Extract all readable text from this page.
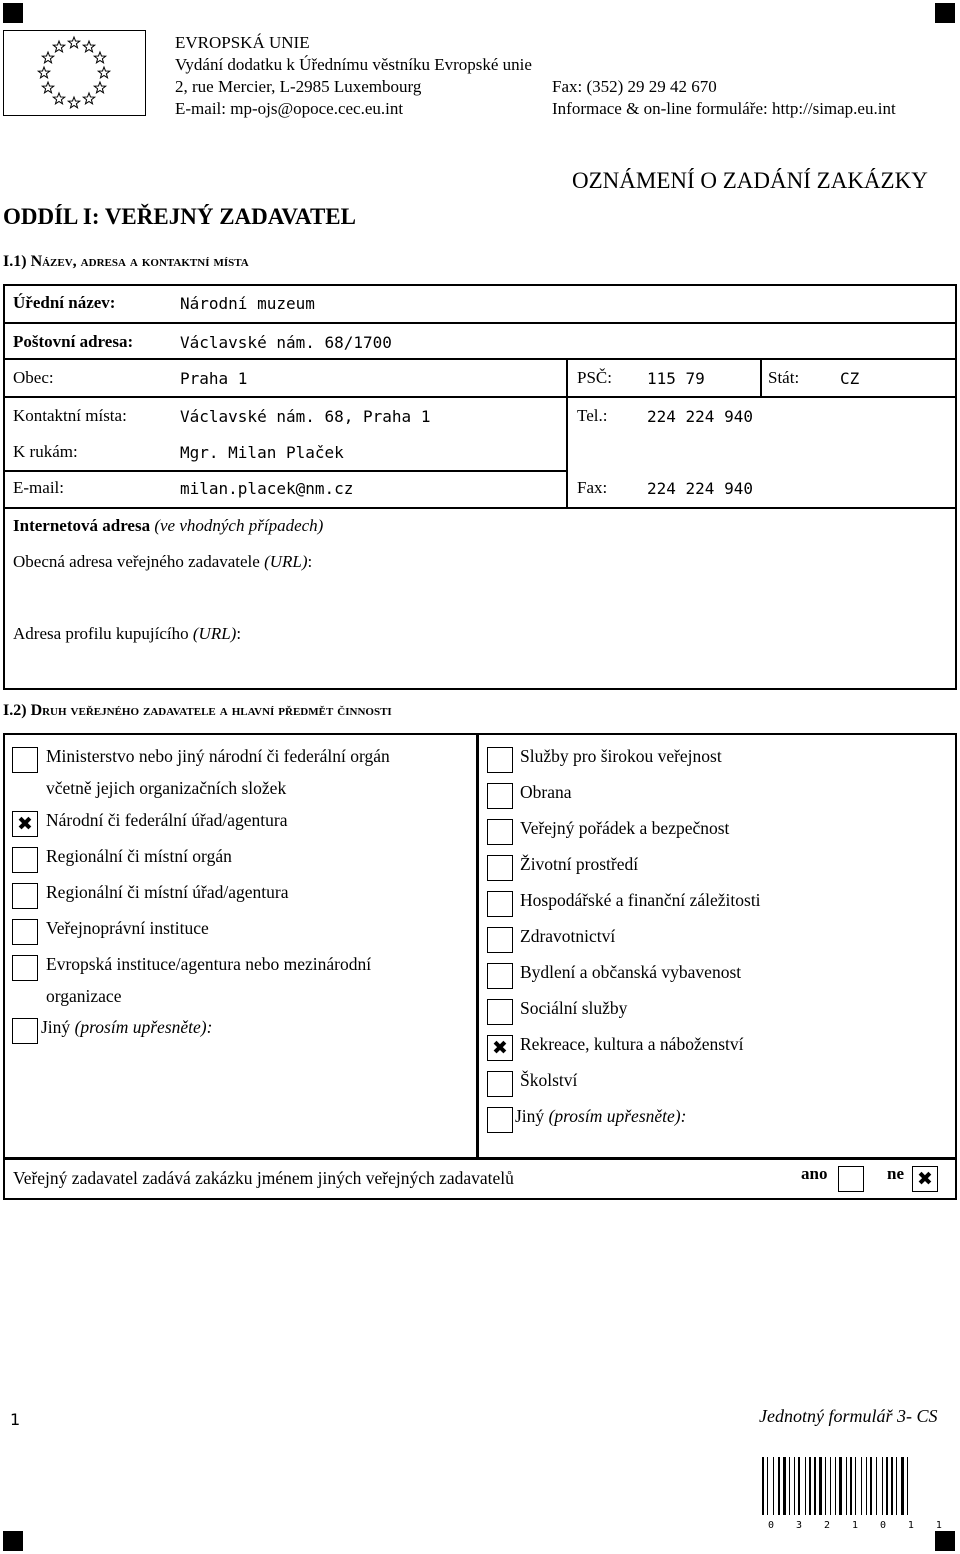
EVROPSKÁ UNIE
Vydání dodatku k Úřednímu věstníku Evropské unie
2, rue Mercier, L-2985 Luxembourg
E-mail: mp-ojs@opoce.cec.eu.int
Fax: (352) 29 29 42 670
Informace & on-line formuláře: http://simap.eu.int
OZNÁMENÍ O ZADÁNÍ ZAKÁZKY
ODDÍL I: VEŘEJNÝ ZADAVATEL
I.1) Název, adresa a kontaktní místa
Úřední název:	Národní muzeum
Poštovní adresa:	Václavské nám. 68/1700
Obec:	Praha 1	PSČ: 115 79	Stát:	CZ
Kontaktní místa:	Václavské nám. 68, Praha 1	Tel.: 224 224 940
K rukám:	Mgr. Milan Plaček
E-mail:	milan.placek@nm.cz	Fax: 224 224 940
Internetová adresa (ve vhodných případech)
Obecná adresa veřejného zadavatele (URL):
Adresa profilu kupujícího (URL):
I.2) Druh veřejného zadavatele a hlavní předmět činnosti
Ministerstvo nebo jiný národní či federální orgán
včetně jejich organizačních složek
✖ Národní či federální úřad/agentura
Regionální či místní orgán
Regionální či místní úřad/agentura
Veřejnoprávní instituce
Evropská instituce/agentura nebo mezinárodní
organizace
Jiný (prosím upřesněte):
Služby pro širokou veřejnost
Obrana
Veřejný pořádek a bezpečnost
Životní prostředí
Hospodářské a finanční záležitosti
Zdravotnictví
Bydlení a občanská vybavenost
Sociální služby
✖ Rekreace, kultura a náboženství
Školství
Jiný (prosím upřesněte):
Veřejný zadavatel zadává zakázku jménem jiných veřejných zadavatelů	ano	ne ✖
1	Jednotný formulář 3- CS
0 3 2 1 0 1 1
